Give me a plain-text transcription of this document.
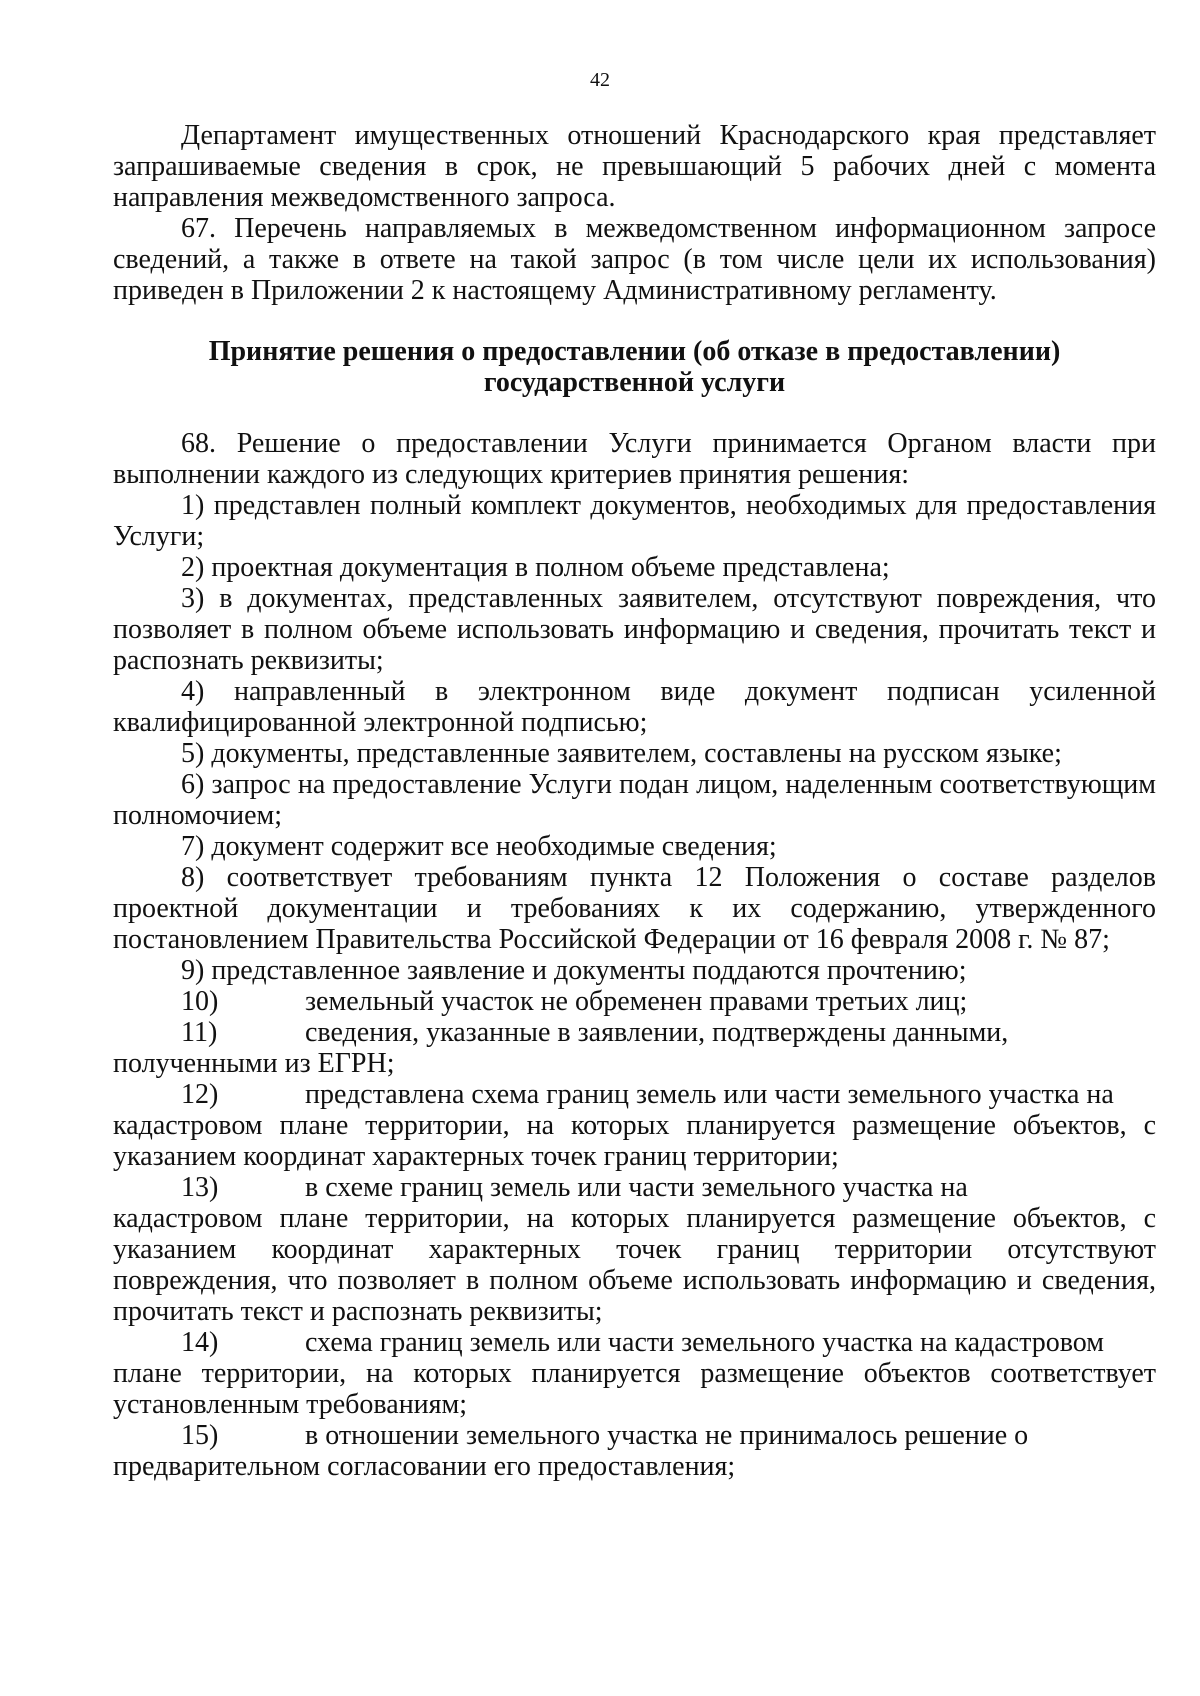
42

Департамент имущественных отношений Краснодарского края представляет запрашиваемые сведения в срок, не превышающий 5 рабочих дней с момента направления межведомственного запроса.

67. Перечень направляемых в межведомственном информационном запросе сведений, а также в ответе на такой запрос (в том числе цели их использования) приведен в Приложении 2 к настоящему Административному регламенту.

Принятие решения о предоставлении (об отказе в предоставлении)
государственной услуги

68. Решение о предоставлении Услуги принимается Органом власти при выполнении каждого из следующих критериев принятия решения:

1) представлен полный комплект документов, необходимых для предоставления Услуги;

2) проектная документация в полном объеме представлена;

3) в документах, представленных заявителем, отсутствуют повреждения, что позволяет в полном объеме использовать информацию и сведения, прочитать текст и распознать реквизиты;

4) направленный в электронном виде документ подписан усиленной квалифицированной электронной подписью;

5) документы, представленные заявителем, составлены на русском языке;

6) запрос на предоставление Услуги подан лицом, наделенным соответствующим полномочием;

7) документ содержит все необходимые сведения;

8) соответствует требованиям пункта 12 Положения о составе разделов проектной документации и требованиях к их содержанию, утвержденного постановлением Правительства Российской Федерации от 16 февраля 2008 г. № 87;

9) представленное заявление и документы поддаются прочтению;

10)	земельный участок не обременен правами третьих лиц;
11)	сведения, указанные в заявлении, подтверждены данными,

полученными из ЕГРН;

12)	представлена схема границ земель или части земельного участка на

кадастровом плане территории, на которых планируется размещение объектов, с указанием координат характерных точек границ территории;

13)	в схеме границ земель или части земельного участка на

кадастровом плане территории, на которых планируется размещение объектов, с указанием координат характерных точек границ территории отсутствуют повреждения, что позволяет в полном объеме использовать информацию и сведения, прочитать текст и распознать реквизиты;

14)	схема границ земель или части земельного участка на кадастровом

плане территории, на которых планируется размещение объектов соответствует установленным требованиям;

15)	в отношении земельного участка не принималось решение о

предварительном согласовании его предоставления;
